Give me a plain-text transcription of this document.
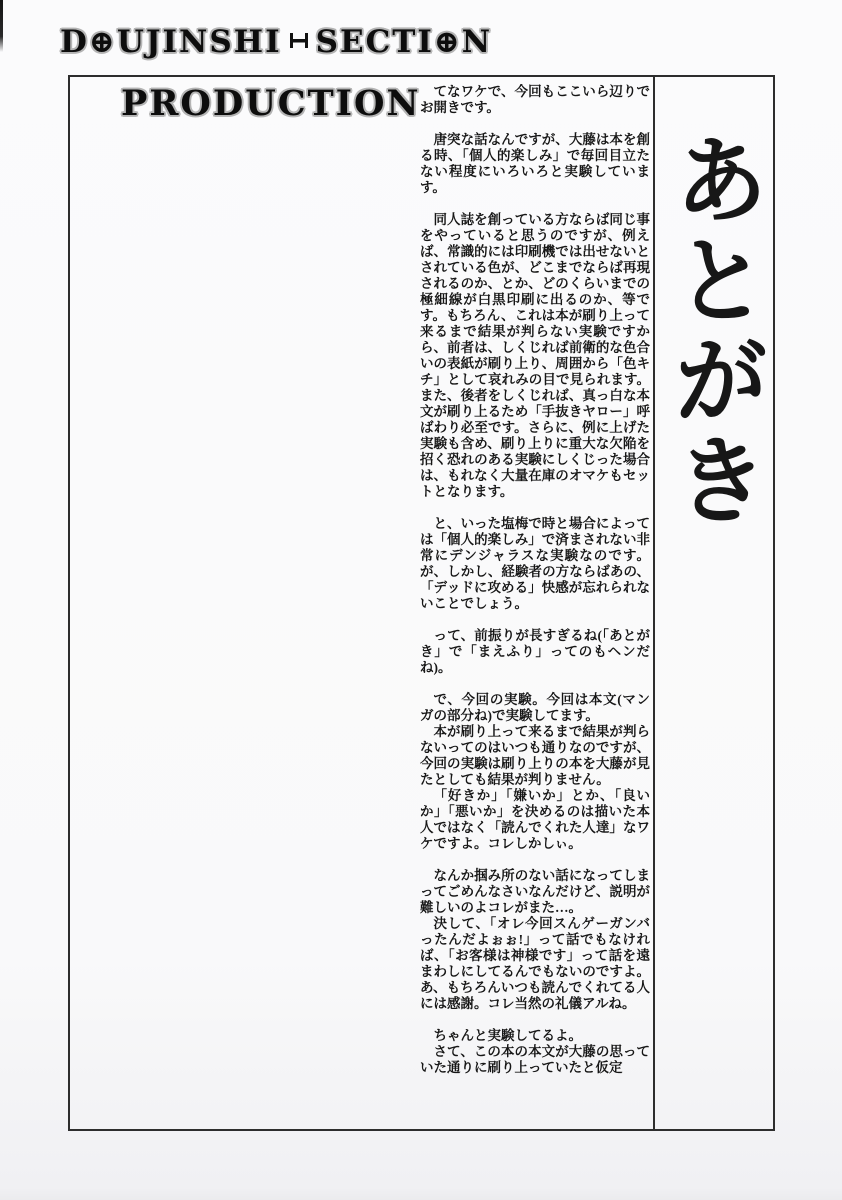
D⊕UJINSHI SECTI⊕N
PRODUCTION てなワケで、今回もここいら辺りでお開きです。

唐突な話なんですが、大藤は本を創る時、「個人的楽しみ」で毎回目立たない程度にいろいろと実験しています。

同人誌を創っている方ならば同じ事をやっていると思うのですが、例えば、常識的には印刷機では出せないとされている色が、どこまでならば再現されるのか、とか、どのくらいまでの極細線が白黒印刷に出るのか、等です。もちろん、これは本が刷り上って来るまで結果が判らない実験ですから、前者は、しくじれば前衛的な色合いの表紙が刷り上り、周囲から「色キチ」として哀れみの目で見られます。また、後者をしくじれば、真っ白な本文が刷り上るため「手抜きヤロー」呼ばわり必至です。さらに、例に上げた実験も含め、刷り上りに重大な欠陥を招く恐れのある実験にしくじった場合は、もれなく大量在庫のオマケもセットとなります。

と、いった塩梅で時と場合によっては「個人的楽しみ」で済まされない非常にデンジャラスな実験なのです。が、しかし、経験者の方ならばあの、「デッドに攻める」快感が忘れられないことでしょう。

って、前振りが長すぎるね(「あとがき」で「まえふり」ってのもヘンだね)。

で、今回の実験。今回は本文(マンガの部分ね)で実験してます。

本が刷り上って来るまで結果が判らないってのはいつも通りなのですが、今回の実験は刷り上りの本を大藤が見たとしても結果が判りません。

「好きか」「嫌いか」とか、「良いか」「悪いか」を決めるのは描いた本人ではなく「読んでくれた人達」なワケですよ。コレしかしぃ。

なんか掴み所のない話になってしまってごめんなさいなんだけど、説明が難しいのよコレがまた…。

決して、「オレ今回スんゲーガンバったんだよぉぉ!」って話でもなければ、「お客様は神様です」って話を遠まわしにしてるんでもないのですよ。あ、もちろんいつも読んでくれてる人には感謝。コレ当然の礼儀アルね。

ちゃんと実験してるよ。

さて、この本の本文が大藤の思っていた通りに刷り上っていたと仮定

あとがき
